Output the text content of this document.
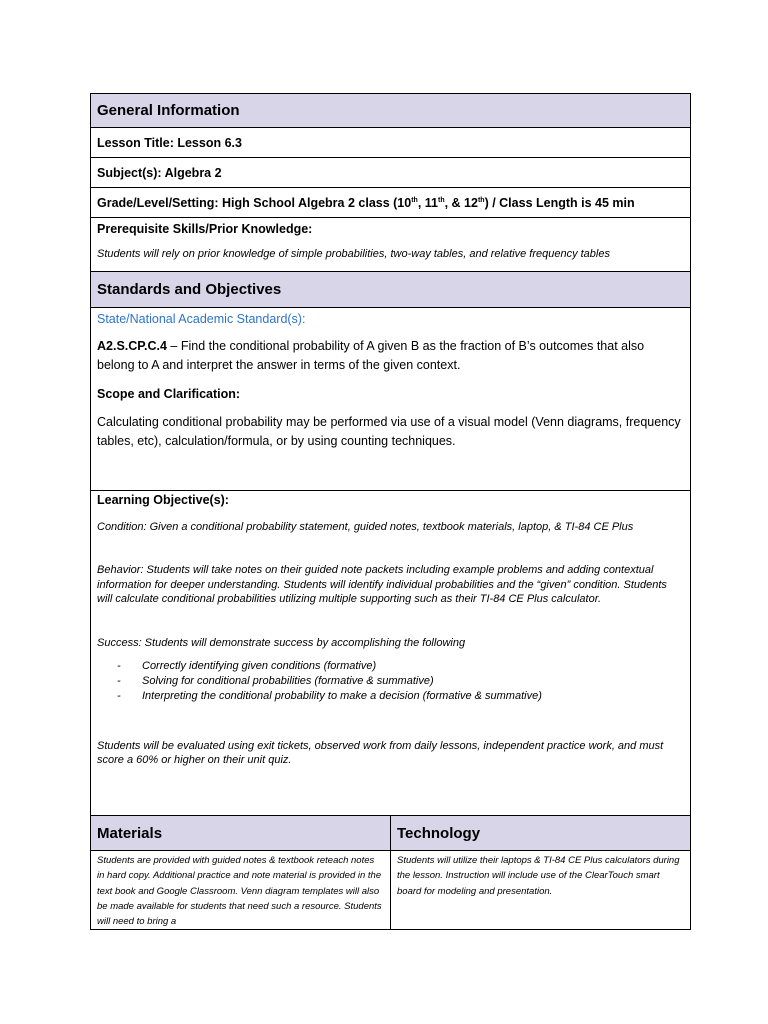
General Information
Lesson Title: Lesson 6.3
Subject(s): Algebra 2
Grade/Level/Setting: High School Algebra 2 class (10th, 11th, & 12th) / Class Length is 45 min

Prerequisite Skills/Prior Knowledge:

Students will rely on prior knowledge of simple probabilities, two-way tables, and relative frequency tables

Standards and Objectives

State/National Academic Standard(s):

A2.S.CP.C.4 – Find the conditional probability of A given B as the fraction of B’s outcomes that also belong to A and interpret the answer in terms of the given context.

Scope and Clarification:

Calculating conditional probability may be performed via use of a visual model (Venn diagrams, frequency tables, etc), calculation/formula, or by using counting techniques.

Learning Objective(s):

Condition: Given a conditional probability statement, guided notes, textbook materials, laptop, & TI-84 CE Plus

Behavior: Students will take notes on their guided note packets including example problems and adding contextual information for deeper understanding. Students will identify individual probabilities and the “given” condition. Students will calculate conditional probabilities utilizing multiple supporting such as their TI-84 CE Plus calculator.

Success: Students will demonstrate success by accomplishing the following

- Correctly identifying given conditions (formative)
- Solving for conditional probabilities (formative & summative)
- Interpreting the conditional probability to make a decision (formative & summative)

Students will be evaluated using exit tickets, observed work from daily lessons, independent practice work, and must score a 60% or higher on their unit quiz.

Materials	Technology
Students are provided with guided notes & textbook reteach notes in hard copy. Additional practice and note material is provided in the text book and Google Classroom. Venn diagram templates will also be made available for students that need such a resource. Students will need to bring a
Students will utilize their laptops & TI-84 CE Plus calculators during the lesson. Instruction will include use of the ClearTouch smart board for modeling and presentation.
